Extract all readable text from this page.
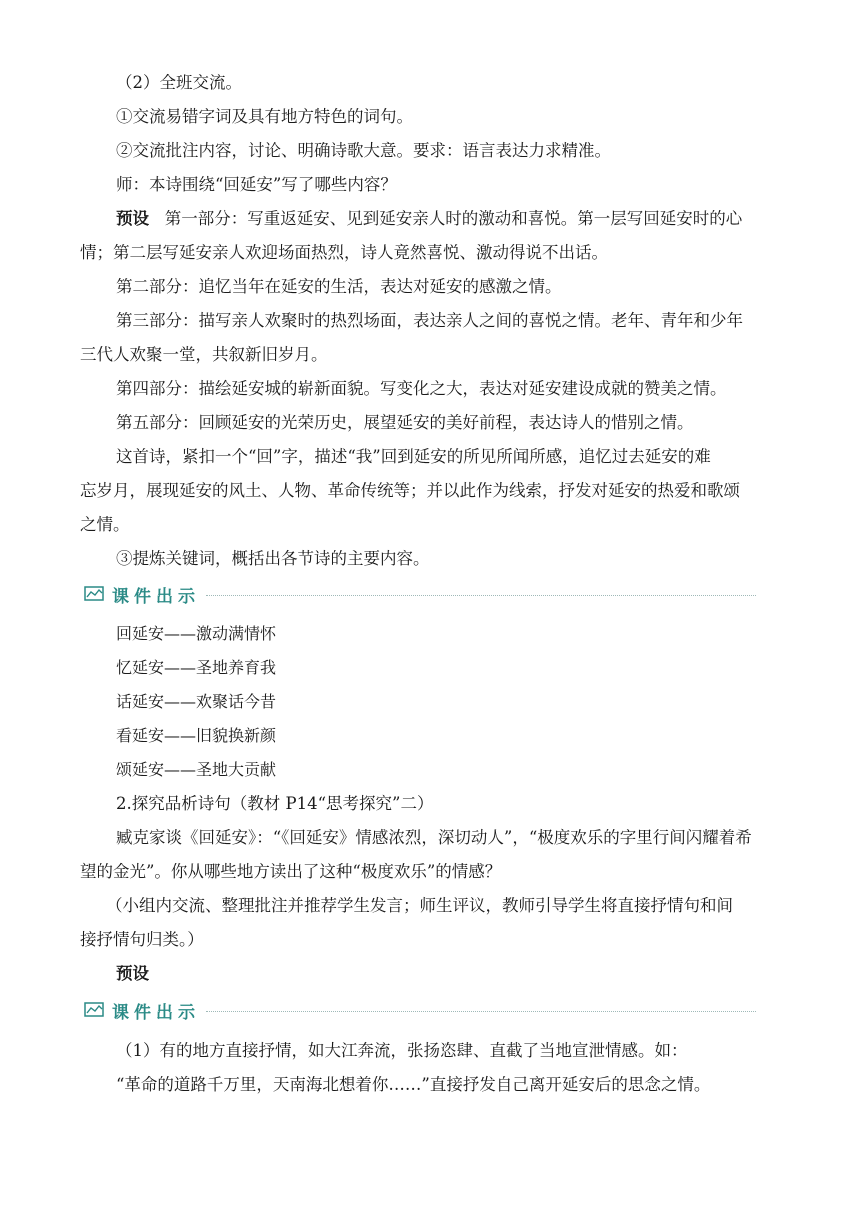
（2）全班交流。
①交流易错字词及具有地方特色的词句。
②交流批注内容，讨论、明确诗歌大意。要求：语言表达力求精准。
师：本诗围绕“回延安”写了哪些内容？
预设 第一部分：写重返延安、见到延安亲人时的激动和喜悦。第一层写回延安时的心
情；第二层写延安亲人欢迎场面热烈，诗人竟然喜悦、激动得说不出话。
第二部分：追忆当年在延安的生活，表达对延安的感激之情。
第三部分：描写亲人欢聚时的热烈场面，表达亲人之间的喜悦之情。老年、青年和少年
三代人欢聚一堂，共叙新旧岁月。
第四部分：描绘延安城的崭新面貌。写变化之大，表达对延安建设成就的赞美之情。
第五部分：回顾延安的光荣历史，展望延安的美好前程，表达诗人的惜别之情。
这首诗，紧扣一个“回”字，描述“我”回到延安的所见所闻所感，追忆过去延安的难
忘岁月，展现延安的风土、人物、革命传统等；并以此作为线索，抒发对延安的热爱和歌颂
之情。
③提炼关键词，概括出各节诗的主要内容。
课件出示
回延安——激动满情怀
忆延安——圣地养育我
话延安——欢聚话今昔
看延安——旧貌换新颜
颂延安——圣地大贡献
2.探究品析诗句（教材 P14“思考探究”二）
臧克家谈《回延安》：“《回延安》情感浓烈，深切动人”，“极度欢乐的字里行间闪耀着希
望的金光”。你从哪些地方读出了这种“极度欢乐”的情感？
（小组内交流、整理批注并推荐学生发言；师生评议，教师引导学生将直接抒情句和间
接抒情句归类。）
预设
课件出示
（1）有的地方直接抒情，如大江奔流，张扬恣肆、直截了当地宣泄情感。如：
“革命的道路千万里，天南海北想着你……”直接抒发自己离开延安后的思念之情。
